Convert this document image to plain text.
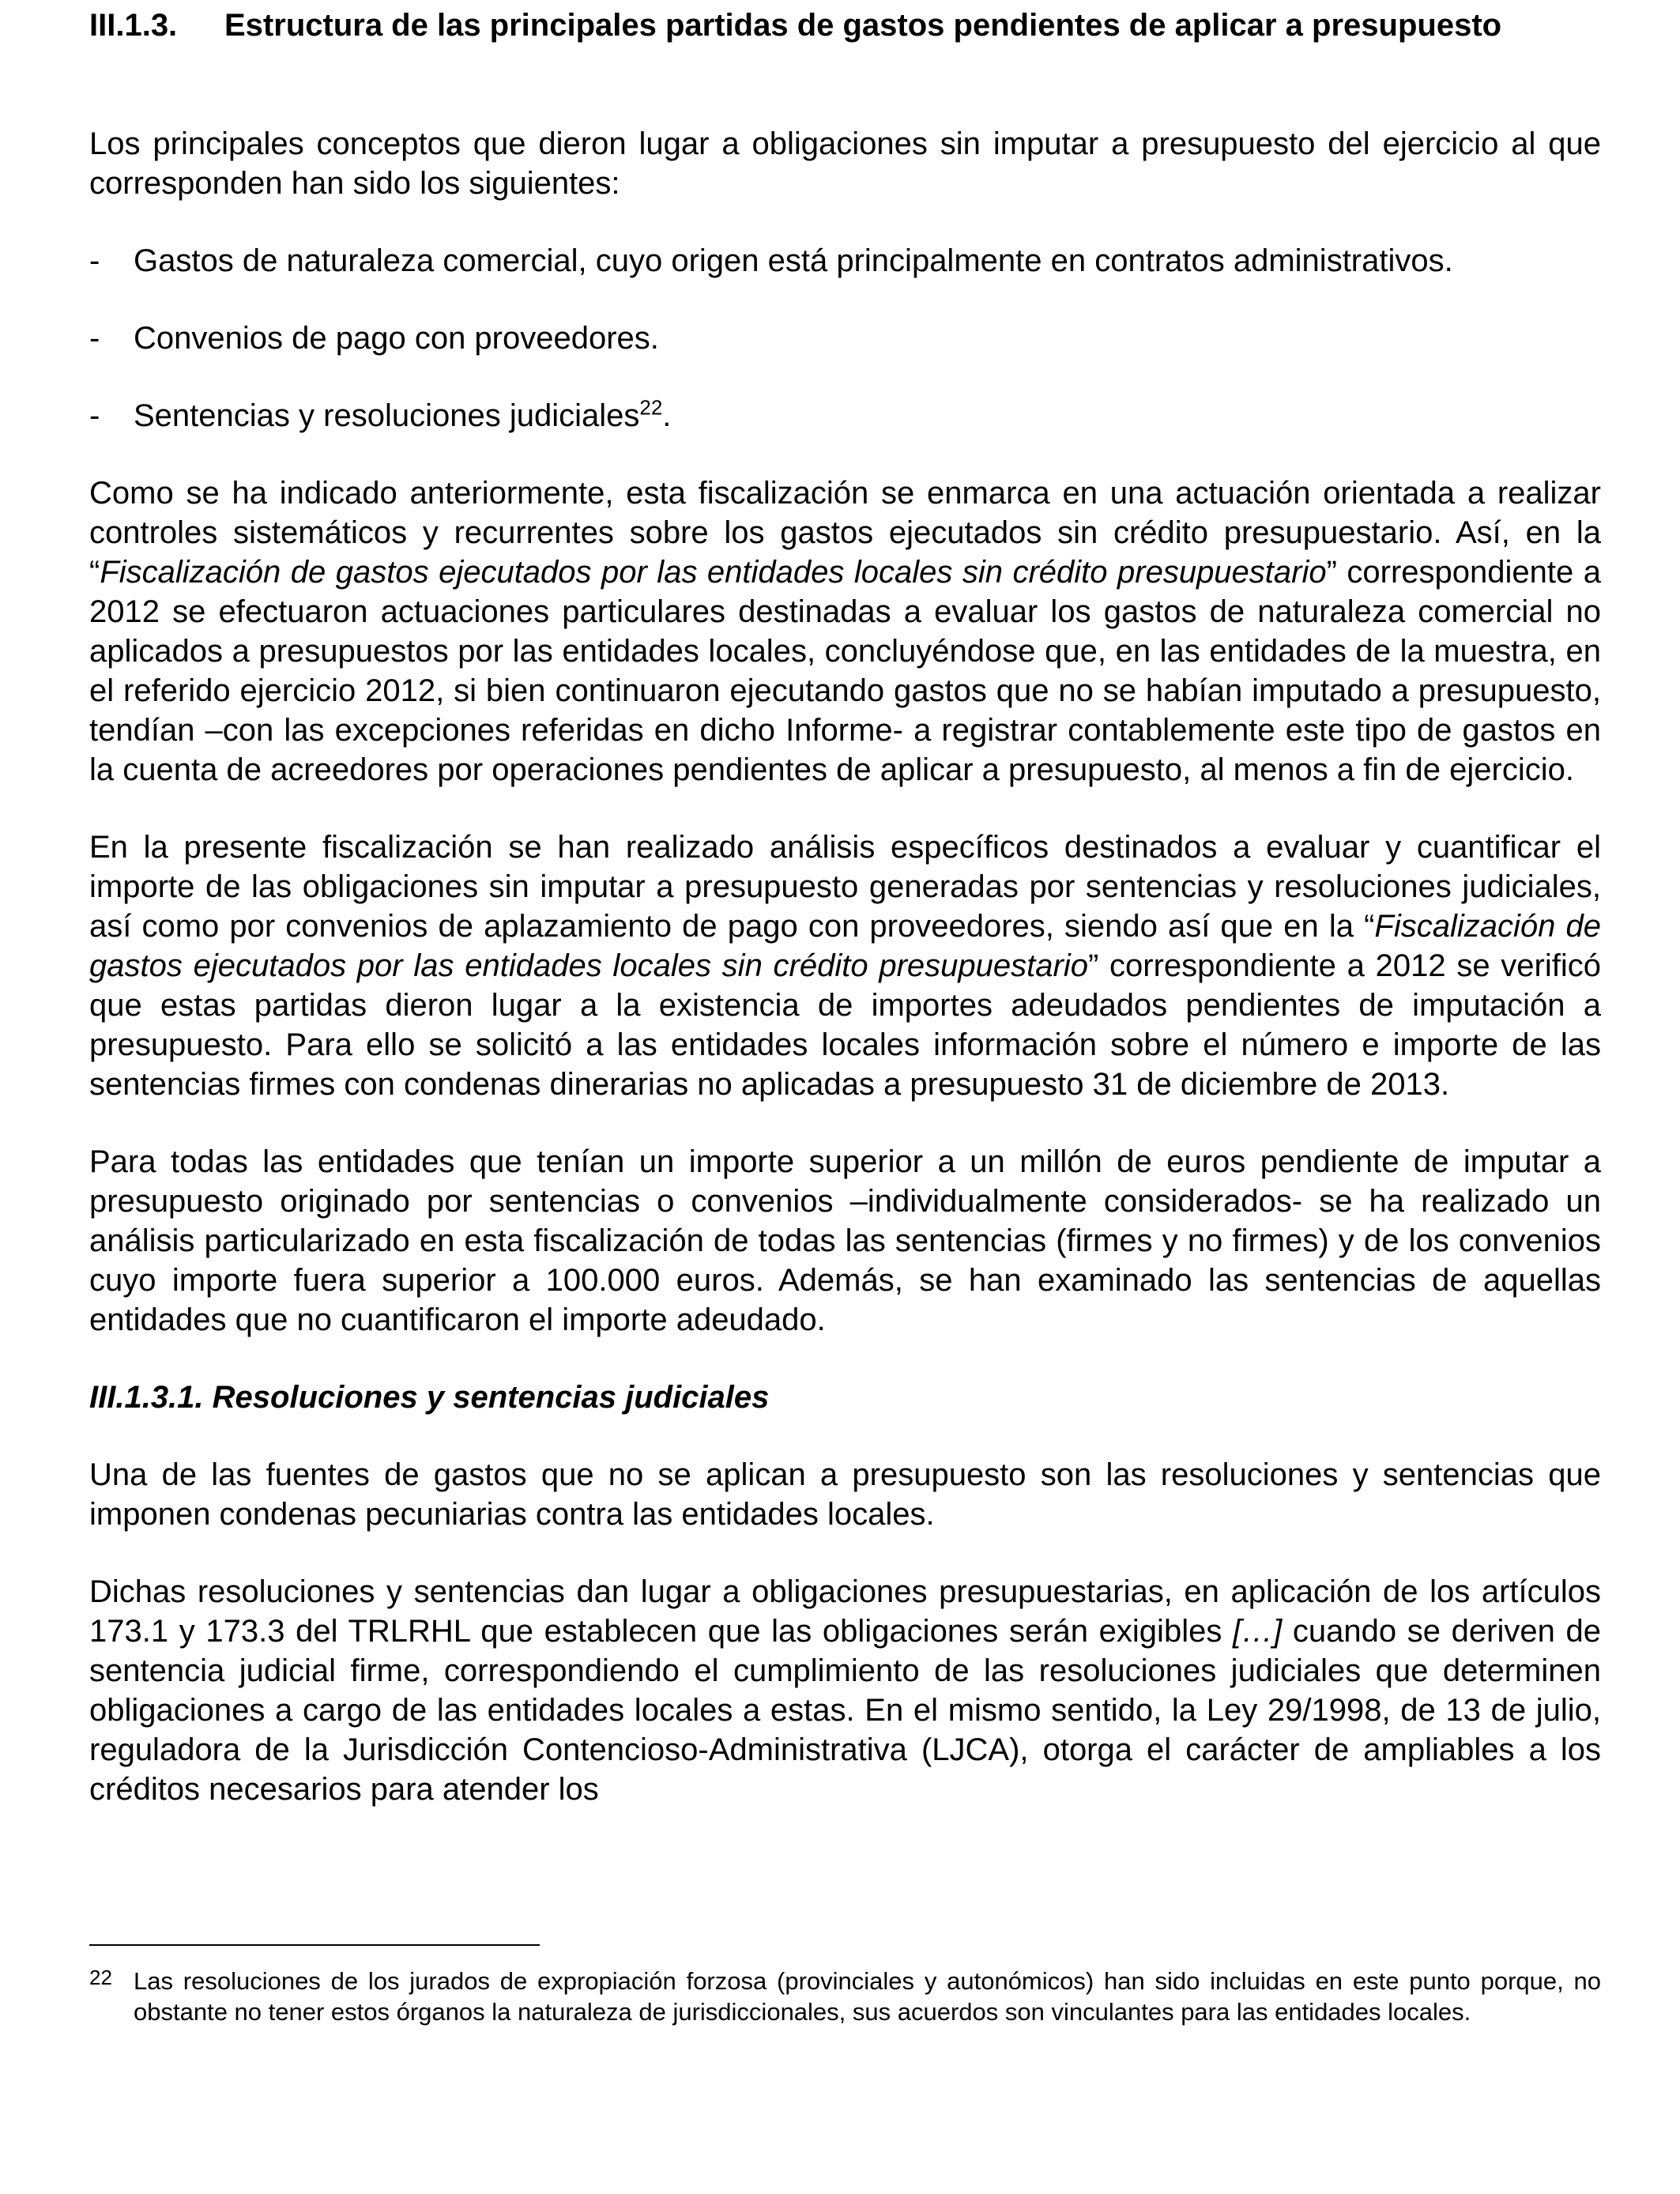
III.1.3.	Estructura de las principales partidas de gastos pendientes de aplicar a presupuesto

Los principales conceptos que dieron lugar a obligaciones sin imputar a presupuesto del ejercicio al que corresponden han sido los siguientes:

-	Gastos de naturaleza comercial, cuyo origen está principalmente en contratos administrativos.
-	Convenios de pago con proveedores.
-	Sentencias y resoluciones judiciales$^{22}$.

Como se ha indicado anteriormente, esta fiscalización se enmarca en una actuación orientada a realizar controles sistemáticos y recurrentes sobre los gastos ejecutados sin crédito presupuestario. Así, en la “Fiscalización de gastos ejecutados por las entidades locales sin crédito presupuestario” correspondiente a 2012 se efectuaron actuaciones particulares destinadas a evaluar los gastos de naturaleza comercial no aplicados a presupuestos por las entidades locales, concluyéndose que, en las entidades de la muestra, en el referido ejercicio 2012, si bien continuaron ejecutando gastos que no se habían imputado a presupuesto, tendían –con las excepciones referidas en dicho Informe- a registrar contablemente este tipo de gastos en la cuenta de acreedores por operaciones pendientes de aplicar a presupuesto, al menos a fin de ejercicio.

En la presente fiscalización se han realizado análisis específicos destinados a evaluar y cuantificar el importe de las obligaciones sin imputar a presupuesto generadas por sentencias y resoluciones judiciales, así como por convenios de aplazamiento de pago con proveedores, siendo así que en la “Fiscalización de gastos ejecutados por las entidades locales sin crédito presupuestario” correspondiente a 2012 se verificó que estas partidas dieron lugar a la existencia de importes adeudados pendientes de imputación a presupuesto. Para ello se solicitó a las entidades locales información sobre el número e importe de las sentencias firmes con condenas dinerarias no aplicadas a presupuesto 31 de diciembre de 2013.

Para todas las entidades que tenían un importe superior a un millón de euros pendiente de imputar a presupuesto originado por sentencias o convenios –individualmente considerados- se ha realizado un análisis particularizado en esta fiscalización de todas las sentencias (firmes y no firmes) y de los convenios cuyo importe fuera superior a 100.000 euros. Además, se han examinado las sentencias de aquellas entidades que no cuantificaron el importe adeudado.

III.1.3.1. Resoluciones y sentencias judiciales

Una de las fuentes de gastos que no se aplican a presupuesto son las resoluciones y sentencias que imponen condenas pecuniarias contra las entidades locales.

Dichas resoluciones y sentencias dan lugar a obligaciones presupuestarias, en aplicación de los artículos 173.1 y 173.3 del TRLRHL que establecen que las obligaciones serán exigibles […] cuando se deriven de sentencia judicial firme, correspondiendo el cumplimiento de las resoluciones judiciales que determinen obligaciones a cargo de las entidades locales a estas. En el mismo sentido, la Ley 29/1998, de 13 de julio, reguladora de la Jurisdicción Contencioso-Administrativa (LJCA), otorga el carácter de ampliables a los créditos necesarios para atender los

22 Las resoluciones de los jurados de expropiación forzosa (provinciales y autonómicos) han sido incluidas en este punto porque, no obstante no tener estos órganos la naturaleza de jurisdiccionales, sus acuerdos son vinculantes para las entidades locales.
